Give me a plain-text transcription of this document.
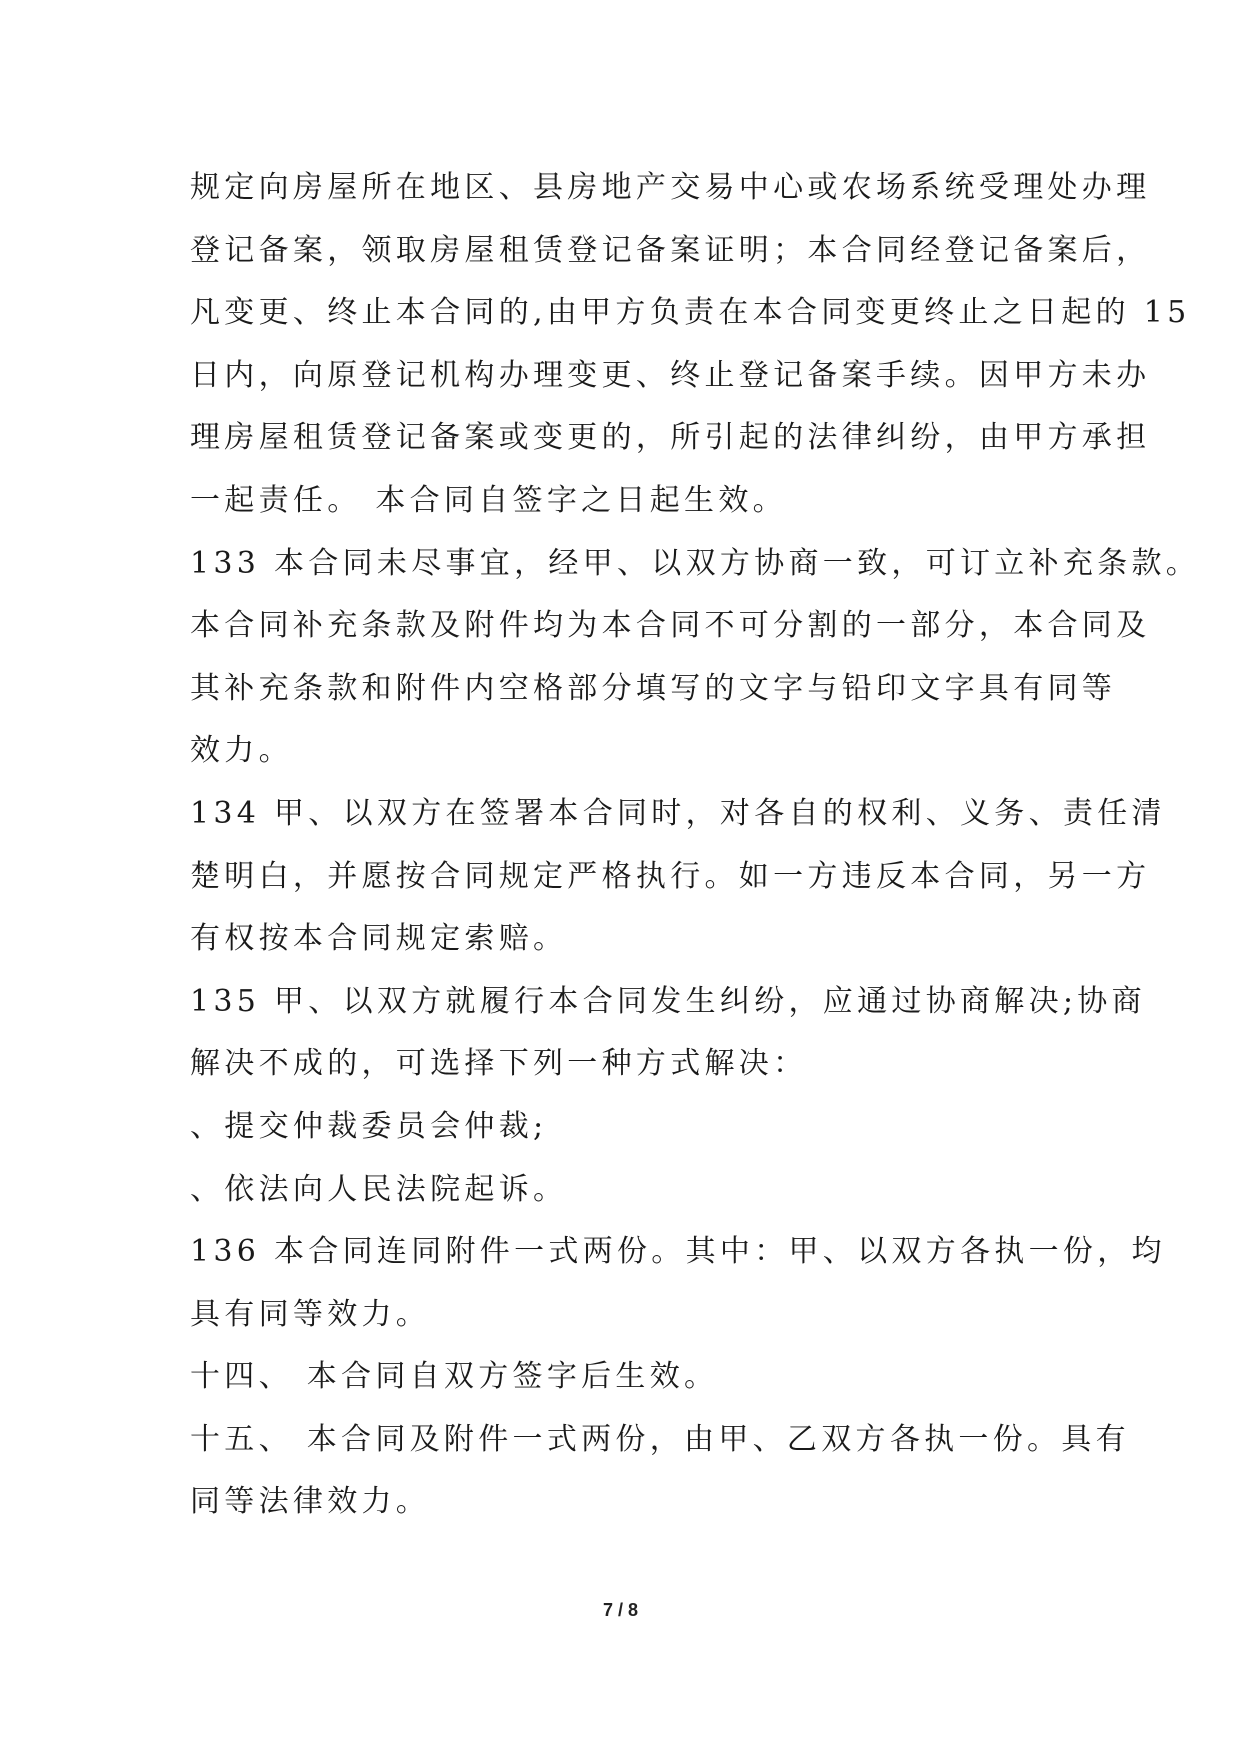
规定向房屋所在地区、县房地产交易中心或农场系统受理处办理
登记备案，领取房屋租赁登记备案证明；本合同经登记备案后，
凡变更、终止本合同的,由甲方负责在本合同变更终止之日起的 15
日内，向原登记机构办理变更、终止登记备案手续。因甲方未办
理房屋租赁登记备案或变更的，所引起的法律纠纷，由甲方承担
一起责任。 本合同自签字之日起生效。
133 本合同未尽事宜，经甲、以双方协商一致，可订立补充条款。
本合同补充条款及附件均为本合同不可分割的一部分，本合同及
其补充条款和附件内空格部分填写的文字与铅印文字具有同等
效力。
134 甲、以双方在签署本合同时，对各自的权利、义务、责任清
楚明白，并愿按合同规定严格执行。如一方违反本合同，另一方
有权按本合同规定索赔。
135 甲、以双方就履行本合同发生纠纷，应通过协商解决;协商
解决不成的，可选择下列一种方式解决：
、提交仲裁委员会仲裁;
、依法向人民法院起诉。
136 本合同连同附件一式两份。其中：甲、以双方各执一份，均
具有同等效力。
十四、 本合同自双方签字后生效。
十五、 本合同及附件一式两份，由甲、乙双方各执一份。具有
同等法律效力。
7 / 8
